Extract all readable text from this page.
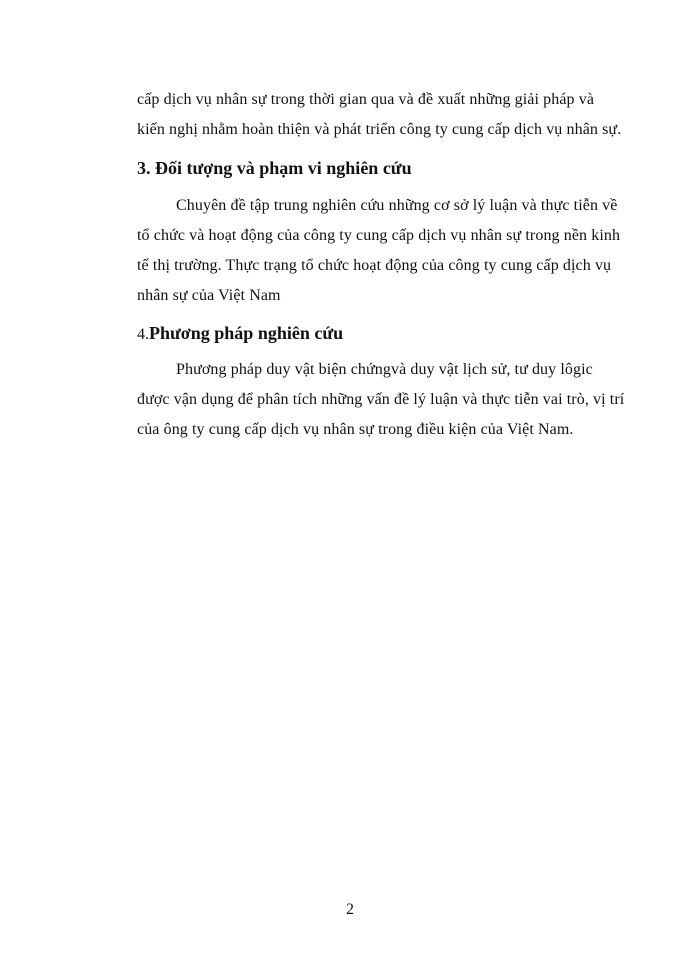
cấp dịch vụ nhân sự trong thời gian qua và đề xuất những giải pháp và
kiến nghị nhằm hoàn thiện và phát triển công ty cung cấp dịch vụ nhân sự.
3. Đối tượng và phạm vi nghiên cứu
Chuyên đề tập trung nghiên cứu những cơ sở lý luận và thực tiễn về
tổ chức và hoạt động của công ty cung cấp dịch vụ nhân sự trong nền kinh
tế thị trường. Thực trạng tổ chức hoạt động của công ty cung cấp dịch vụ
nhân sự của Việt Nam
4.Phương pháp nghiên cứu
Phương pháp duy vật biện chứngvà duy vật lịch sử, tư duy lôgic
được vận dụng để phân tích những vấn đề lý luận và thực tiễn vai trò, vị trí
của ông ty cung cấp dịch vụ nhân sự trong điều kiện của Việt Nam.
2
